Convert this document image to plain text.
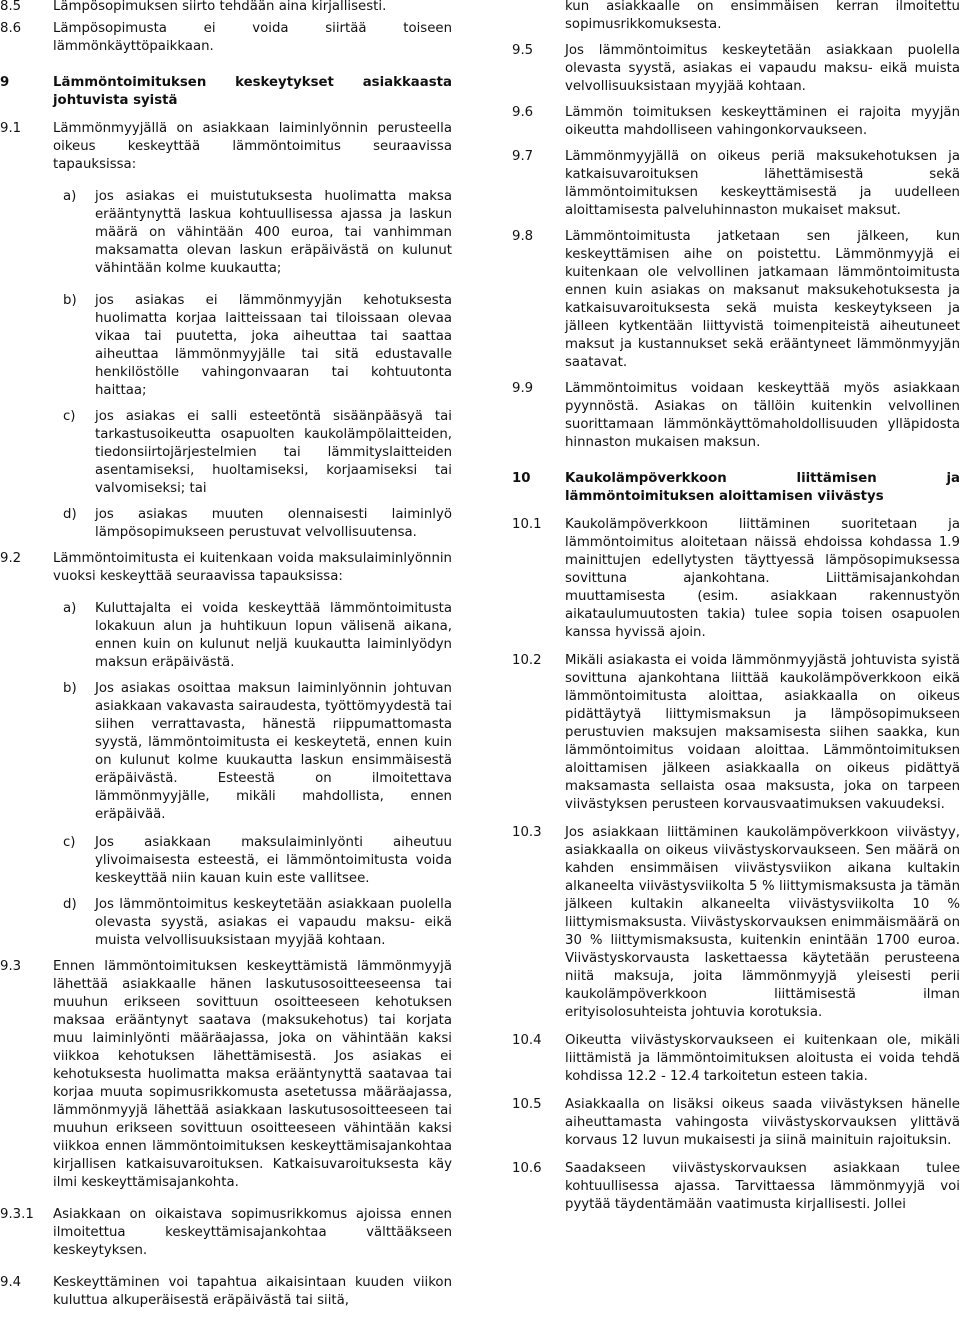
8.5	Lämpösopimuksen siirto tehdään aina kirjallisesti.
8.6	Lämpösopimusta ei voida siirtää toiseen lämmönkäyttöpaikkaan.
9	Lämmöntoimituksen keskeytykset asiakkaasta johtuvista syistä
9.1	Lämmönmyyjällä on asiakkaan laiminlyönnin perusteella oikeus keskeyttää lämmöntoimitus seuraavissa tapauksissa:
a)	jos asiakas ei muistutuksesta huolimatta maksa erääntynyttä laskua kohtuullisessa ajassa ja laskun määrä on vähintään 400 euroa, tai vanhimman maksamatta olevan laskun eräpäivästä on kulunut vähintään kolme kuukautta;
b)	jos asiakas ei lämmönmyyjän kehotuksesta huolimatta korjaa laitteissaan tai tiloissaan olevaa vikaa tai puutetta, joka aiheuttaa tai saattaa aiheuttaa lämmönmyyjälle tai sitä edustavalle henkilöstölle vahingonvaaran tai kohtuutonta haittaa;
c)	jos asiakas ei salli esteetöntä sisäänpääsyä tai tarkastusoikeutta osapuolten kaukolämpölaitteiden, tiedonsiirtojärjestelmien tai lämmityslaitteiden asentamiseksi, huoltamiseksi, korjaamiseksi tai valvomiseksi; tai
d)	jos asiakas muuten olennaisesti laiminlyö lämpösopimukseen perustuvat velvollisuutensa.
9.2	Lämmöntoimitusta ei kuitenkaan voida maksulaiminlyönnin vuoksi keskeyttää seuraavissa tapauksissa:
a)	Kuluttajalta ei voida keskeyttää lämmöntoimitusta lokakuun alun ja huhtikuun lopun välisenä aikana, ennen kuin on kulunut neljä kuukautta laiminlyödyn maksun eräpäivästä.
b)	Jos asiakas osoittaa maksun laiminlyönnin johtuvan asiakkaan vakavasta sairaudesta, työttömyydestä tai siihen verrattavasta, hänestä riippumattomasta syystä, lämmöntoimitusta ei keskeytetä, ennen kuin on kulunut kolme kuukautta laskun ensimmäisestä eräpäivästä. Esteestä on ilmoitettava lämmönmyyjälle, mikäli mahdollista, ennen eräpäivää.
c)	Jos asiakkaan maksulaiminlyönti aiheutuu ylivoimaisesta esteestä, ei lämmöntoimitusta voida keskeyttää niin kauan kuin este vallitsee.
d)	Jos lämmöntoimitus keskeytetään asiakkaan puolella olevasta syystä, asiakas ei vapaudu maksu- eikä muista velvollisuuksistaan myyjää kohtaan.
9.3	Ennen lämmöntoimituksen keskeyttämistä lämmönmyyjä lähettää asiakkaalle hänen laskutusosoitteeseensa tai muuhun erikseen sovittuun osoitteeseen kehotuksen maksaa erääntynyt saatava (maksukehotus) tai korjata muu laiminlyönti määräajassa, joka on vähintään kaksi viikkoa kehotuksen lähettämisestä. Jos asiakas ei kehotuksesta huolimatta maksa erääntynyttä saatavaa tai korjaa muuta sopimusrikkomusta asetetussa määräajassa, lämmönmyyjä lähettää asiakkaan laskutusosoitteeseen tai muuhun erikseen sovittuun osoitteeseen vähintään kaksi viikkoa ennen lämmöntoimituksen keskeyttämisajankohtaa kirjallisen katkaisuvaroituksen. Katkaisuvaroituksesta käy ilmi keskeyttämisajankohta.
9.3.1	Asiakkaan on oikaistava sopimusrikkomus ajoissa ennen ilmoitettua keskeyttämisajankohtaa välttääkseen keskeytyksen.
9.4	Keskeyttäminen voi tapahtua aikaisintaan kuuden viikon kuluttua alkuperäisestä eräpäivästä tai siitä,
kun asiakkaalle on ensimmäisen kerran ilmoitettu sopimusrikkomuksesta.
9.5	Jos lämmöntoimitus keskeytetään asiakkaan puolella olevasta syystä, asiakas ei vapaudu maksu- eikä muista velvollisuuksistaan myyjää kohtaan.
9.6	Lämmön toimituksen keskeyttäminen ei rajoita myyjän oikeutta mahdolliseen vahingonkorvaukseen.
9.7	Lämmönmyyjällä on oikeus periä maksukehotuksen ja katkaisuvaroituksen lähettämisestä sekä lämmöntoimituksen keskeyttämisestä ja uudelleen aloittamisesta palveluhinnaston mukaiset maksut.
9.8	Lämmöntoimitusta jatketaan sen jälkeen, kun keskeyttämisen aihe on poistettu. Lämmönmyyjä ei kuitenkaan ole velvollinen jatkamaan lämmöntoimitusta ennen kuin asiakas on maksanut maksukehotuksesta ja katkaisuvaroituksesta sekä muista keskeytykseen ja jälleen kytkentään liittyvistä toimenpiteistä aiheutuneet maksut ja kustannukset sekä erääntyneet lämmönmyyjän saatavat.
9.9	Lämmöntoimitus voidaan keskeyttää myös asiakkaan pyynnöstä. Asiakas on tällöin kuitenkin velvollinen suorittamaan lämmönkäyttömaholdollisuuden ylläpidosta hinnaston mukaisen maksun.
10	Kaukolämpöverkkoon liittämisen ja lämmöntoimituksen aloittamisen viivästys
10.1	Kaukolämpöverkkoon liittäminen suoritetaan ja lämmöntoimitus aloitetaan näissä ehdoissa kohdassa 1.9 mainittujen edellytysten täyttyessä lämpösopimuksessa sovittuna ajankohtana. Liittämisajankohdan muuttamisesta (esim. asiakkaan rakennustyön aikataulumuutosten takia) tulee sopia toisen osapuolen kanssa hyvissä ajoin.
10.2	Mikäli asiakasta ei voida lämmönmyyjästä johtuvista syistä sovittuna ajankohtana liittää kaukolämpöverkkoon eikä lämmöntoimitusta aloittaa, asiakkaalla on oikeus pidättäytyä liittymismaksun ja lämpösopimukseen perustuvien maksujen maksamisesta siihen saakka, kun lämmöntoimitus voidaan aloittaa. Lämmöntoimituksen aloittamisen jälkeen asiakkaalla on oikeus pidättyä maksamasta sellaista osaa maksusta, joka on tarpeen viivästyksen perusteen korvausvaatimuksen vakuudeksi.
10.3	Jos asiakkaan liittäminen kaukolämpöverkkoon viivästyy, asiakkaalla on oikeus viivästyskorvaukseen. Sen määrä on kahden ensimmäisen viivästysviikon aikana kultakin alkaneelta viivästysviikolta 5 % liittymismaksusta ja tämän jälkeen kultakin alkaneelta viivästysviikolta 10 % liittymismaksusta. Viivästyskorvauksen enimmäismäärä on 30 % liittymismaksusta, kuitenkin enintään 1700 euroa. Viivästyskorvausta laskettaessa käytetään perusteena niitä maksuja, joita lämmönmyyjä yleisesti perii kaukolämpöverkkoon liittämisestä ilman erityisolosuhteista johtuvia korotuksia.
10.4	Oikeutta viivästyskorvaukseen ei kuitenkaan ole, mikäli liittämistä ja lämmöntoimituksen aloitusta ei voida tehdä kohdissa 12.2 - 12.4 tarkoitetun esteen takia.
10.5	Asiakkaalla on lisäksi oikeus saada viivästyksen hänelle aiheuttamasta vahingosta viivästyskorvauksen ylittävä korvaus 12 luvun mukaisesti ja siinä mainituin rajoituksin.
10.6	Saadakseen viivästyskorvauksen asiakkaan tulee kohtuullisessa ajassa. Tarvittaessa lämmönmyyjä voi pyytää täydentämään vaatimusta kirjallisesti. Jollei
